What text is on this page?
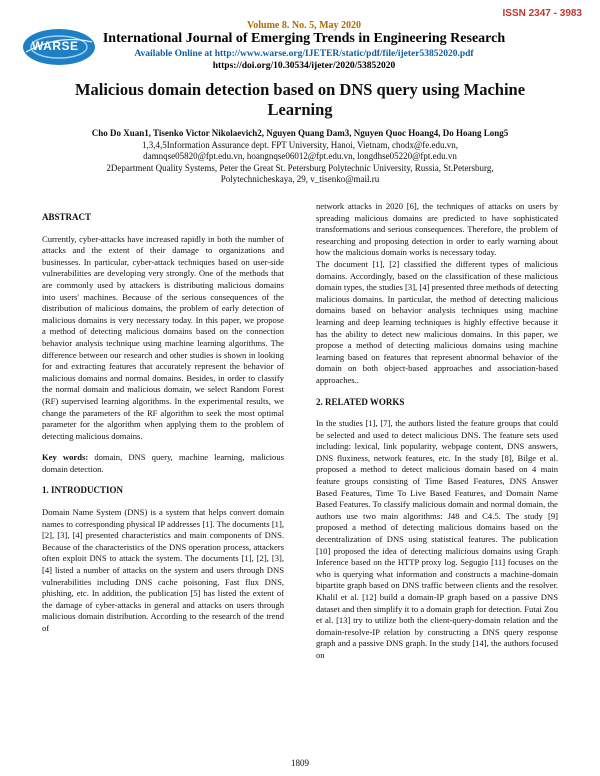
ISSN 2347 - 3983
WARSE
Volume 8. No. 5, May 2020
International Journal of Emerging Trends in Engineering Research
Available Online at http://www.warse.org/IJETER/static/pdf/file/ijeter53852020.pdf
https://doi.org/10.30534/ijeter/2020/53852020
Malicious domain detection based on DNS query using Machine Learning
Cho Do Xuan1, Tisenko Victor Nikolaevich2, Nguyen Quang Dam3, Nguyen Quoc Hoang4, Do Hoang Long5
1,3,4,5Information Assurance dept. FPT University, Hanoi, Vietnam, chodx@fe.edu.vn,
damnqse05820@fpt.edu.vn, hoangnqse06012@fpt.edu.vn, longdhse05220@fpt.edu.vn
2Department Quality Systems, Peter the Great St. Petersburg Polytechnic University, Russia, St.Petersburg,
Polytechnicheskaya, 29, v_tisenko@mail.ru

ABSTRACT

Currently, cyber-attacks have increased rapidly in both the number of attacks and the extent of their damage to organizations and businesses. In particular, cyber-attack techniques based on user-side vulnerabilities are developing very strongly. One of the methods that are commonly used by attackers is distributing malicious domains into users' machines. Because of the serious consequences of the distribution of malicious domains, the problem of early detection of malicious domains is very necessary today. In this paper, we propose a method of detecting malicious domains based on the connection behavior analysis technique using machine learning algorithms. The difference between our research and other studies is shown in looking for and extracting features that accurately represent the behavior of malicious domains and normal domains. Besides, in order to classify the normal domain and malicious domain, we select Random Forest (RF) supervised learning algorithms. In the experimental results, we change the parameters of the RF algorithm to seek the most optimal parameter for the algorithm when applying them to the problem of detecting malicious domains.

Key words: domain, DNS query, machine learning, malicious domain detection.

1. INTRODUCTION

Domain Name System (DNS) is a system that helps convert domain names to corresponding physical IP addresses [1]. The documents [1], [2], [3], [4] presented characteristics and main components of DNS. Because of the characteristics of the DNS operation process, attackers often exploit DNS to attack the system. The documents [1], [2], [3], [4] listed a number of attacks on the system and users through DNS vulnerabilities including DNS cache poisoning, Fast flux DNS, phishing, etc. In addition, the publication [5] has listed the extent of the damage of cyber-attacks in general and attacks on users through malicious domain distribution. According to the research of the trend of

network attacks in 2020 [6], the techniques of attacks on users by spreading malicious domains are predicted to have sophisticated transformations and serious consequences. Therefore, the problem of researching and proposing detection in order to early warning about how the malicious domain works is necessary today.

The document [1], [2] classified the different types of malicious domains. Accordingly, based on the classification of these malicious domain types, the studies [3], [4] presented three methods of detecting malicious domains. In particular, the method of detecting malicious domains based on behavior analysis techniques using machine learning and deep learning techniques is highly effective because it has the ability to detect new malicious domains. In this paper, we propose a method of detecting malicious domains using machine learning based on features that represent abnormal behavior of the domain on both object-based approaches and association-based approaches..

2. RELATED WORKS

In the studies [1], [7], the authors listed the feature groups that could be selected and used to detect malicious DNS. The feature sets used including: lexical, link popularity, webpage content, DNS answers, DNS fluxiness, network features, etc. In the study [8], Bilge et al. proposed a method to detect malicious domain based on 4 main feature groups consisting of Time Based Features, DNS Answer Based Features, Time To Live Based Features, and Domain Name Based Features. To classify malicious domain and normal domain, the authors use two main algorithms: J48 and C4.5. The study [9] proposed a method of detecting malicious domains based on the decentralization of DNS using statistical features. The publication [10] proposed the idea of detecting malicious domains using Graph Inference based on the HTTP proxy log. Segugio [11] focuses on the who is querying what information and constructs a machine-domain bipartite graph based on DNS traffic between clients and the resolver. Khalil et al. [12] build a domain-IP graph based on a passive DNS dataset and then simplify it to a domain graph for detection. Futai Zou et al. [13] try to utilize both the client-query-domain relation and the domain-resolve-IP relation by constructing a DNS query response graph and a passive DNS graph. In the study [14], the authors focused on

1809
